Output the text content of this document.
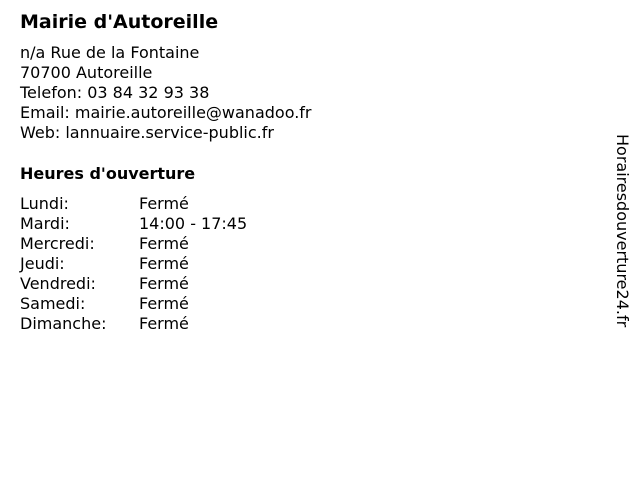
Mairie d'Autoreille
n/a Rue de la Fontaine
70700 Autoreille
Telefon: 03 84 32 93 38
Email: mairie.autoreille@wanadoo.fr
Web: lannuaire.service-public.fr
Heures d'ouverture
Lundi:	Fermé
Mardi:	14:00 - 17:45
Mercredi:	Fermé
Jeudi:	Fermé
Vendredi:	Fermé
Samedi:	Fermé
Dimanche: Fermé	Horairesdouverture24.fr
